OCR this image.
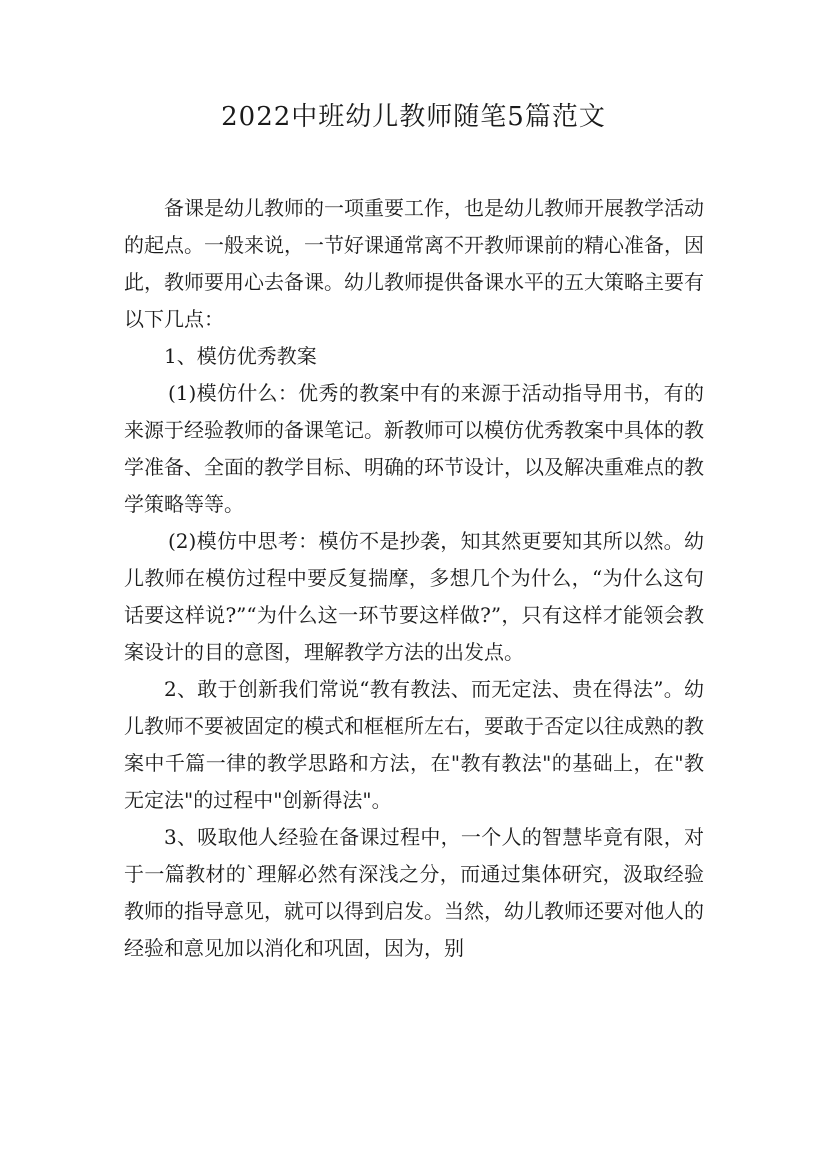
2022中班幼儿教师随笔5篇范文

备课是幼儿教师的一项重要工作，也是幼儿教师开展教学活动的起点。一般来说，一节好课通常离不开教师课前的精心准备，因此，教师要用心去备课。幼儿教师提供备课水平的五大策略主要有以下几点：

1、模仿优秀教案

(1)模仿什么：优秀的教案中有的来源于活动指导用书，有的来源于经验教师的备课笔记。新教师可以模仿优秀教案中具体的教学准备、全面的教学目标、明确的环节设计，以及解决重难点的教学策略等等。

(2)模仿中思考：模仿不是抄袭，知其然更要知其所以然。幼儿教师在模仿过程中要反复揣摩，多想几个为什么，“为什么这句话要这样说?”“为什么这一环节要这样做?”，只有这样才能领会教案设计的目的意图，理解教学方法的出发点。

2、敢于创新我们常说“教有教法、而无定法、贵在得法”。幼儿教师不要被固定的模式和框框所左右，要敢于否定以往成熟的教案中千篇一律的教学思路和方法，在"教有教法"的基础上，在"教无定法"的过程中"创新得法"。

3、吸取他人经验在备课过程中，一个人的智慧毕竟有限，对于一篇教材的`理解必然有深浅之分，而通过集体研究，汲取经验教师的指导意见，就可以得到启发。当然，幼儿教师还要对他人的经验和意见加以消化和巩固，因为，别
